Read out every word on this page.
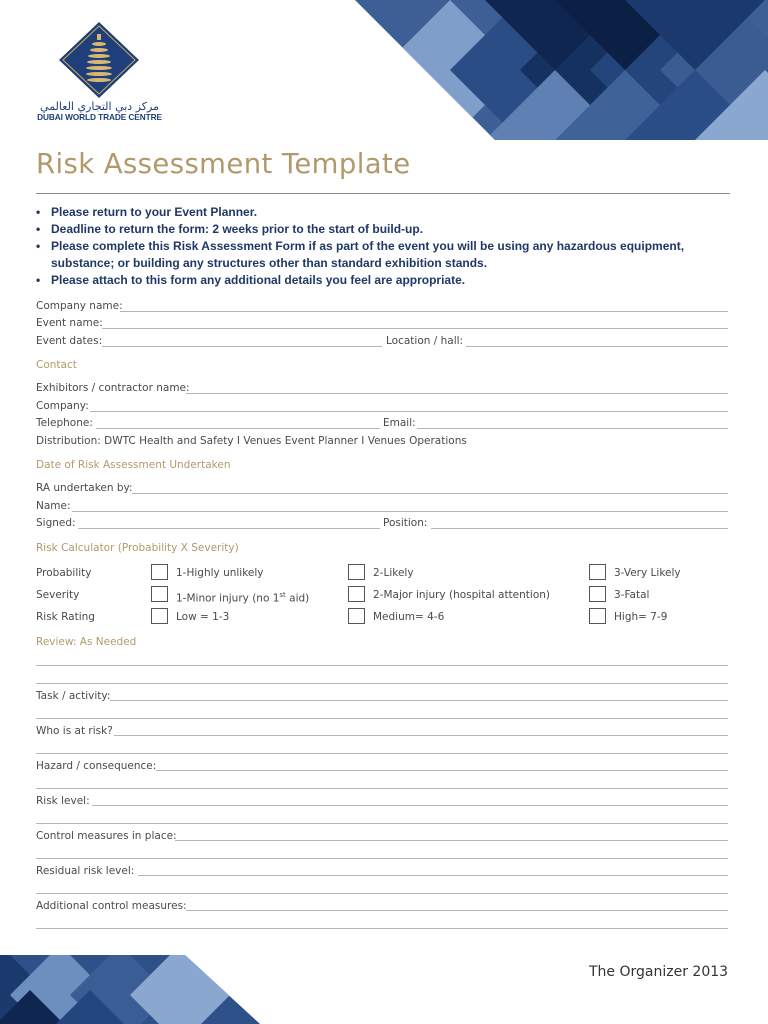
مركز دبي التجاري العالمي
DUBAI WORLD TRADE CENTRE
Risk Assessment Template
• Please return to your Event Planner.
• Deadline to return the form: 2 weeks prior to the start of build-up.
• Please complete this Risk Assessment Form if as part of the event you will be using any hazardous equipment, substance; or building any structures other than standard exhibition stands.
• Please attach to this form any additional details you feel are appropriate.
Company name:
Event name:
Event dates:	Location / hall:
Contact
Exhibitors / contractor name:
Company:
Telephone:	Email:
Distribution: DWTC Health and Safety I Venues Event Planner I Venues Operations
Date of Risk Assessment Undertaken
RA undertaken by:
Name:
Signed:	Position:
Risk Calculator (Probability X Severity)
Probability	1-Highly unlikely	2-Likely	3-Very Likely
Severity	1-Minor injury (no 1st aid)	2-Major injury (hospital attention)	3-Fatal
Risk Rating	Low = 1-3	Medium= 4-6	High= 7-9
Review: As Needed
Task / activity:
Who is at risk?
Hazard / consequence:
Risk level:
Control measures in place:
Residual risk level:
Additional control measures:
The Organizer 2013
